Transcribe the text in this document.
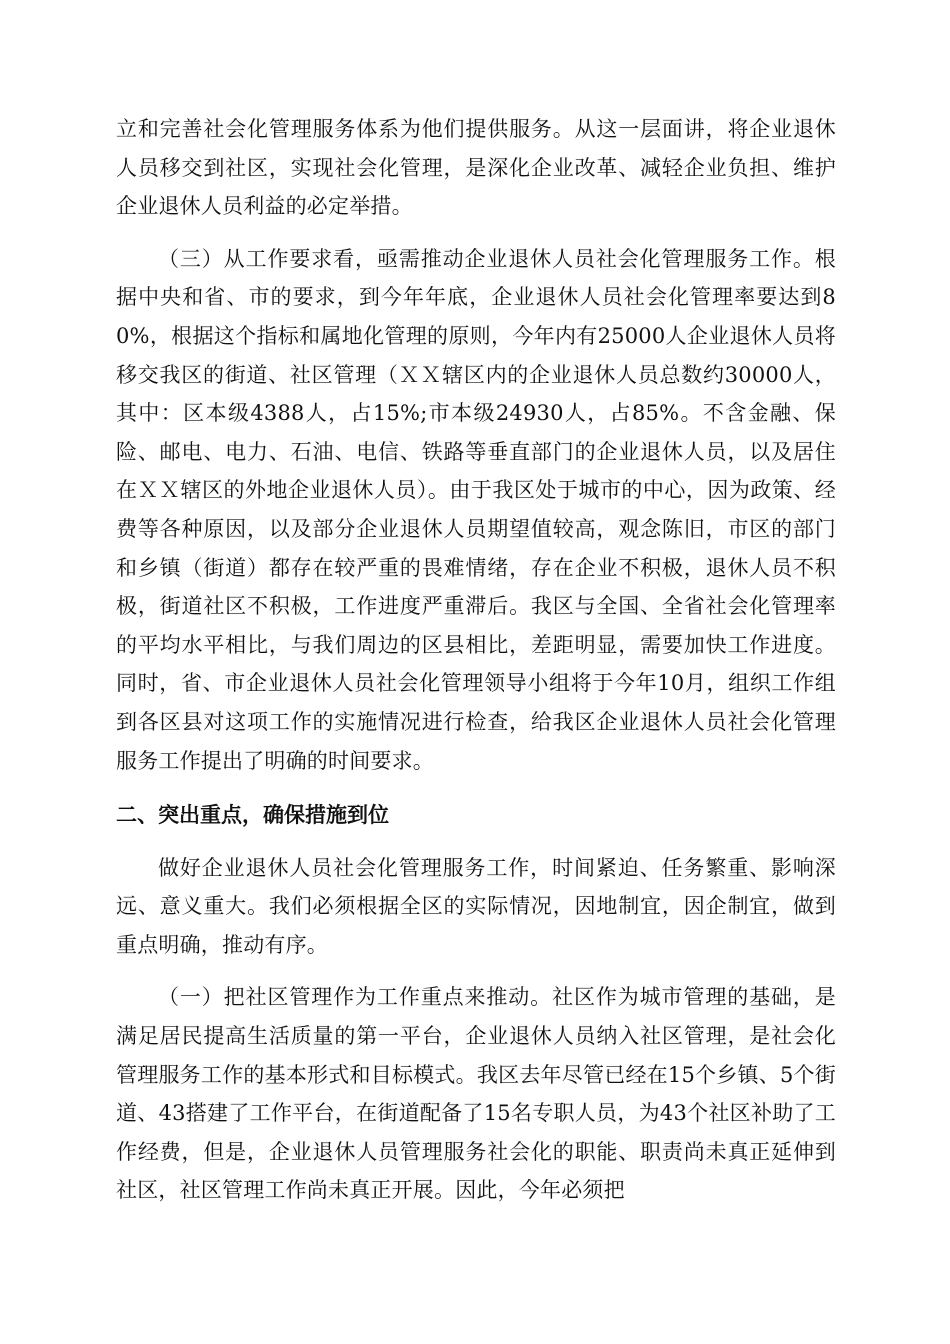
立和完善社会化管理服务体系为他们提供服务。从这一层面讲，将企业退休人员移交到社区，实现社会化管理，是深化企业改革、减轻企业负担、维护企业退休人员利益的必定举措。

（三）从工作要求看，亟需推动企业退休人员社会化管理服务工作。根据中央和省、市的要求，到今年年底，企业退休人员社会化管理率要达到80%，根据这个指标和属地化管理的原则，今年内有25000人企业退休人员将移交我区的街道、社区管理（ＸＸ辖区内的企业退休人员总数约30000人，其中：区本级4388人，占15%;市本级24930人，占85%。不含金融、保险、邮电、电力、石油、电信、铁路等垂直部门的企业退休人员，以及居住在ＸＸ辖区的外地企业退休人员）。由于我区处于城市的中心，因为政策、经费等各种原因，以及部分企业退休人员期望值较高，观念陈旧，市区的部门和乡镇（街道）都存在较严重的畏难情绪，存在企业不积极，退休人员不积极，街道社区不积极，工作进度严重滞后。我区与全国、全省社会化管理率的平均水平相比，与我们周边的区县相比，差距明显，需要加快工作进度。同时，省、市企业退休人员社会化管理领导小组将于今年10月，组织工作组到各区县对这项工作的实施情况进行检查，给我区企业退休人员社会化管理服务工作提出了明确的时间要求。

二、突出重点，确保措施到位

做好企业退休人员社会化管理服务工作，时间紧迫、任务繁重、影响深远、意义重大。我们必须根据全区的实际情况，因地制宜，因企制宜，做到重点明确，推动有序。

（一）把社区管理作为工作重点来推动。社区作为城市管理的基础，是满足居民提高生活质量的第一平台，企业退休人员纳入社区管理，是社会化管理服务工作的基本形式和目标模式。我区去年尽管已经在15个乡镇、5个街道、43搭建了工作平台，在街道配备了15名专职人员，为43个社区补助了工作经费，但是，企业退休人员管理服务社会化的职能、职责尚未真正延伸到社区，社区管理工作尚未真正开展。因此，今年必须把
